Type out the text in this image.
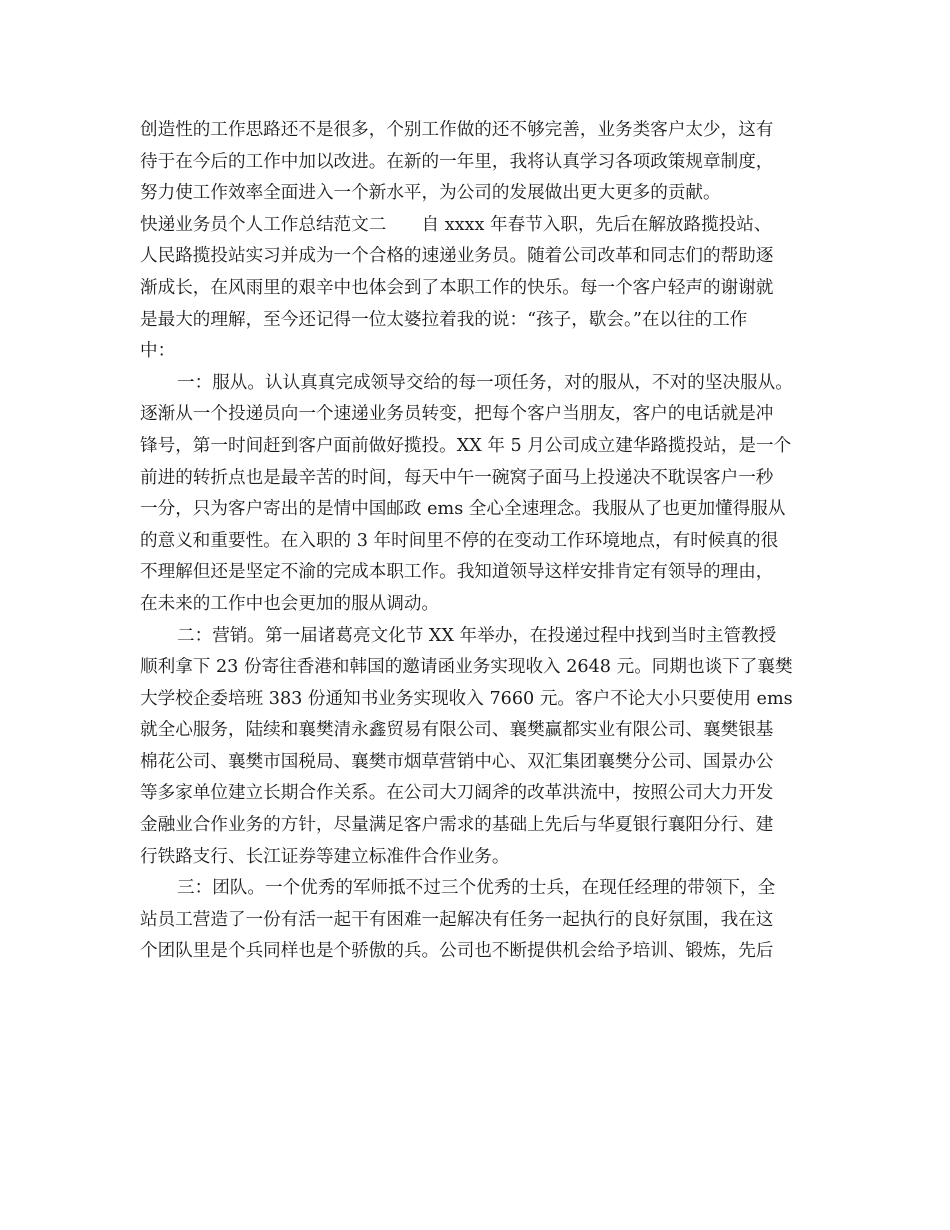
创造性的工作思路还不是很多，个别工作做的还不够完善，业务类客户太少，这有
待于在今后的工作中加以改进。在新的一年里，我将认真学习各项政策规章制度，
努力使工作效率全面进入一个新水平，为公司的发展做出更大更多的贡献。
快递业务员个人工作总结范文二　　自 xxxx 年春节入职，先后在解放路揽投站、
人民路揽投站实习并成为一个合格的速递业务员。随着公司改革和同志们的帮助逐
渐成长，在风雨里的艰辛中也体会到了本职工作的快乐。每一个客户轻声的谢谢就
是最大的理解，至今还记得一位太婆拉着我的说：“孩子，歇会。”在以往的工作
中：
一：服从。认认真真完成领导交给的每一项任务，对的服从，不对的坚决服从。
逐渐从一个投递员向一个速递业务员转变，把每个客户当朋友，客户的电话就是冲
锋号，第一时间赶到客户面前做好揽投。XX 年 5 月公司成立建华路揽投站，是一个
前进的转折点也是最辛苦的时间，每天中午一碗窝子面马上投递决不耽误客户一秒
一分，只为客户寄出的是情中国邮政 ems 全心全速理念。我服从了也更加懂得服从
的意义和重要性。在入职的 3 年时间里不停的在变动工作环境地点，有时候真的很
不理解但还是坚定不渝的完成本职工作。我知道领导这样安排肯定有领导的理由，
在未来的工作中也会更加的服从调动。
二：营销。第一届诸葛亮文化节 XX 年举办，在投递过程中找到当时主管教授
顺利拿下 23 份寄往香港和韩国的邀请函业务实现收入 2648 元。同期也谈下了襄樊
大学校企委培班 383 份通知书业务实现收入 7660 元。客户不论大小只要使用 ems
就全心服务，陆续和襄樊清永鑫贸易有限公司、襄樊赢都实业有限公司、襄樊银基
棉花公司、襄樊市国税局、襄樊市烟草营销中心、双汇集团襄樊分公司、国景办公
等多家单位建立长期合作关系。在公司大刀阔斧的改革洪流中，按照公司大力开发
金融业合作业务的方针，尽量满足客户需求的基础上先后与华夏银行襄阳分行、建
行铁路支行、长江证券等建立标准件合作业务。
三：团队。一个优秀的军师抵不过三个优秀的士兵，在现任经理的带领下，全
站员工营造了一份有活一起干有困难一起解决有任务一起执行的良好氛围，我在这
个团队里是个兵同样也是个骄傲的兵。公司也不断提供机会给予培训、锻炼，先后
